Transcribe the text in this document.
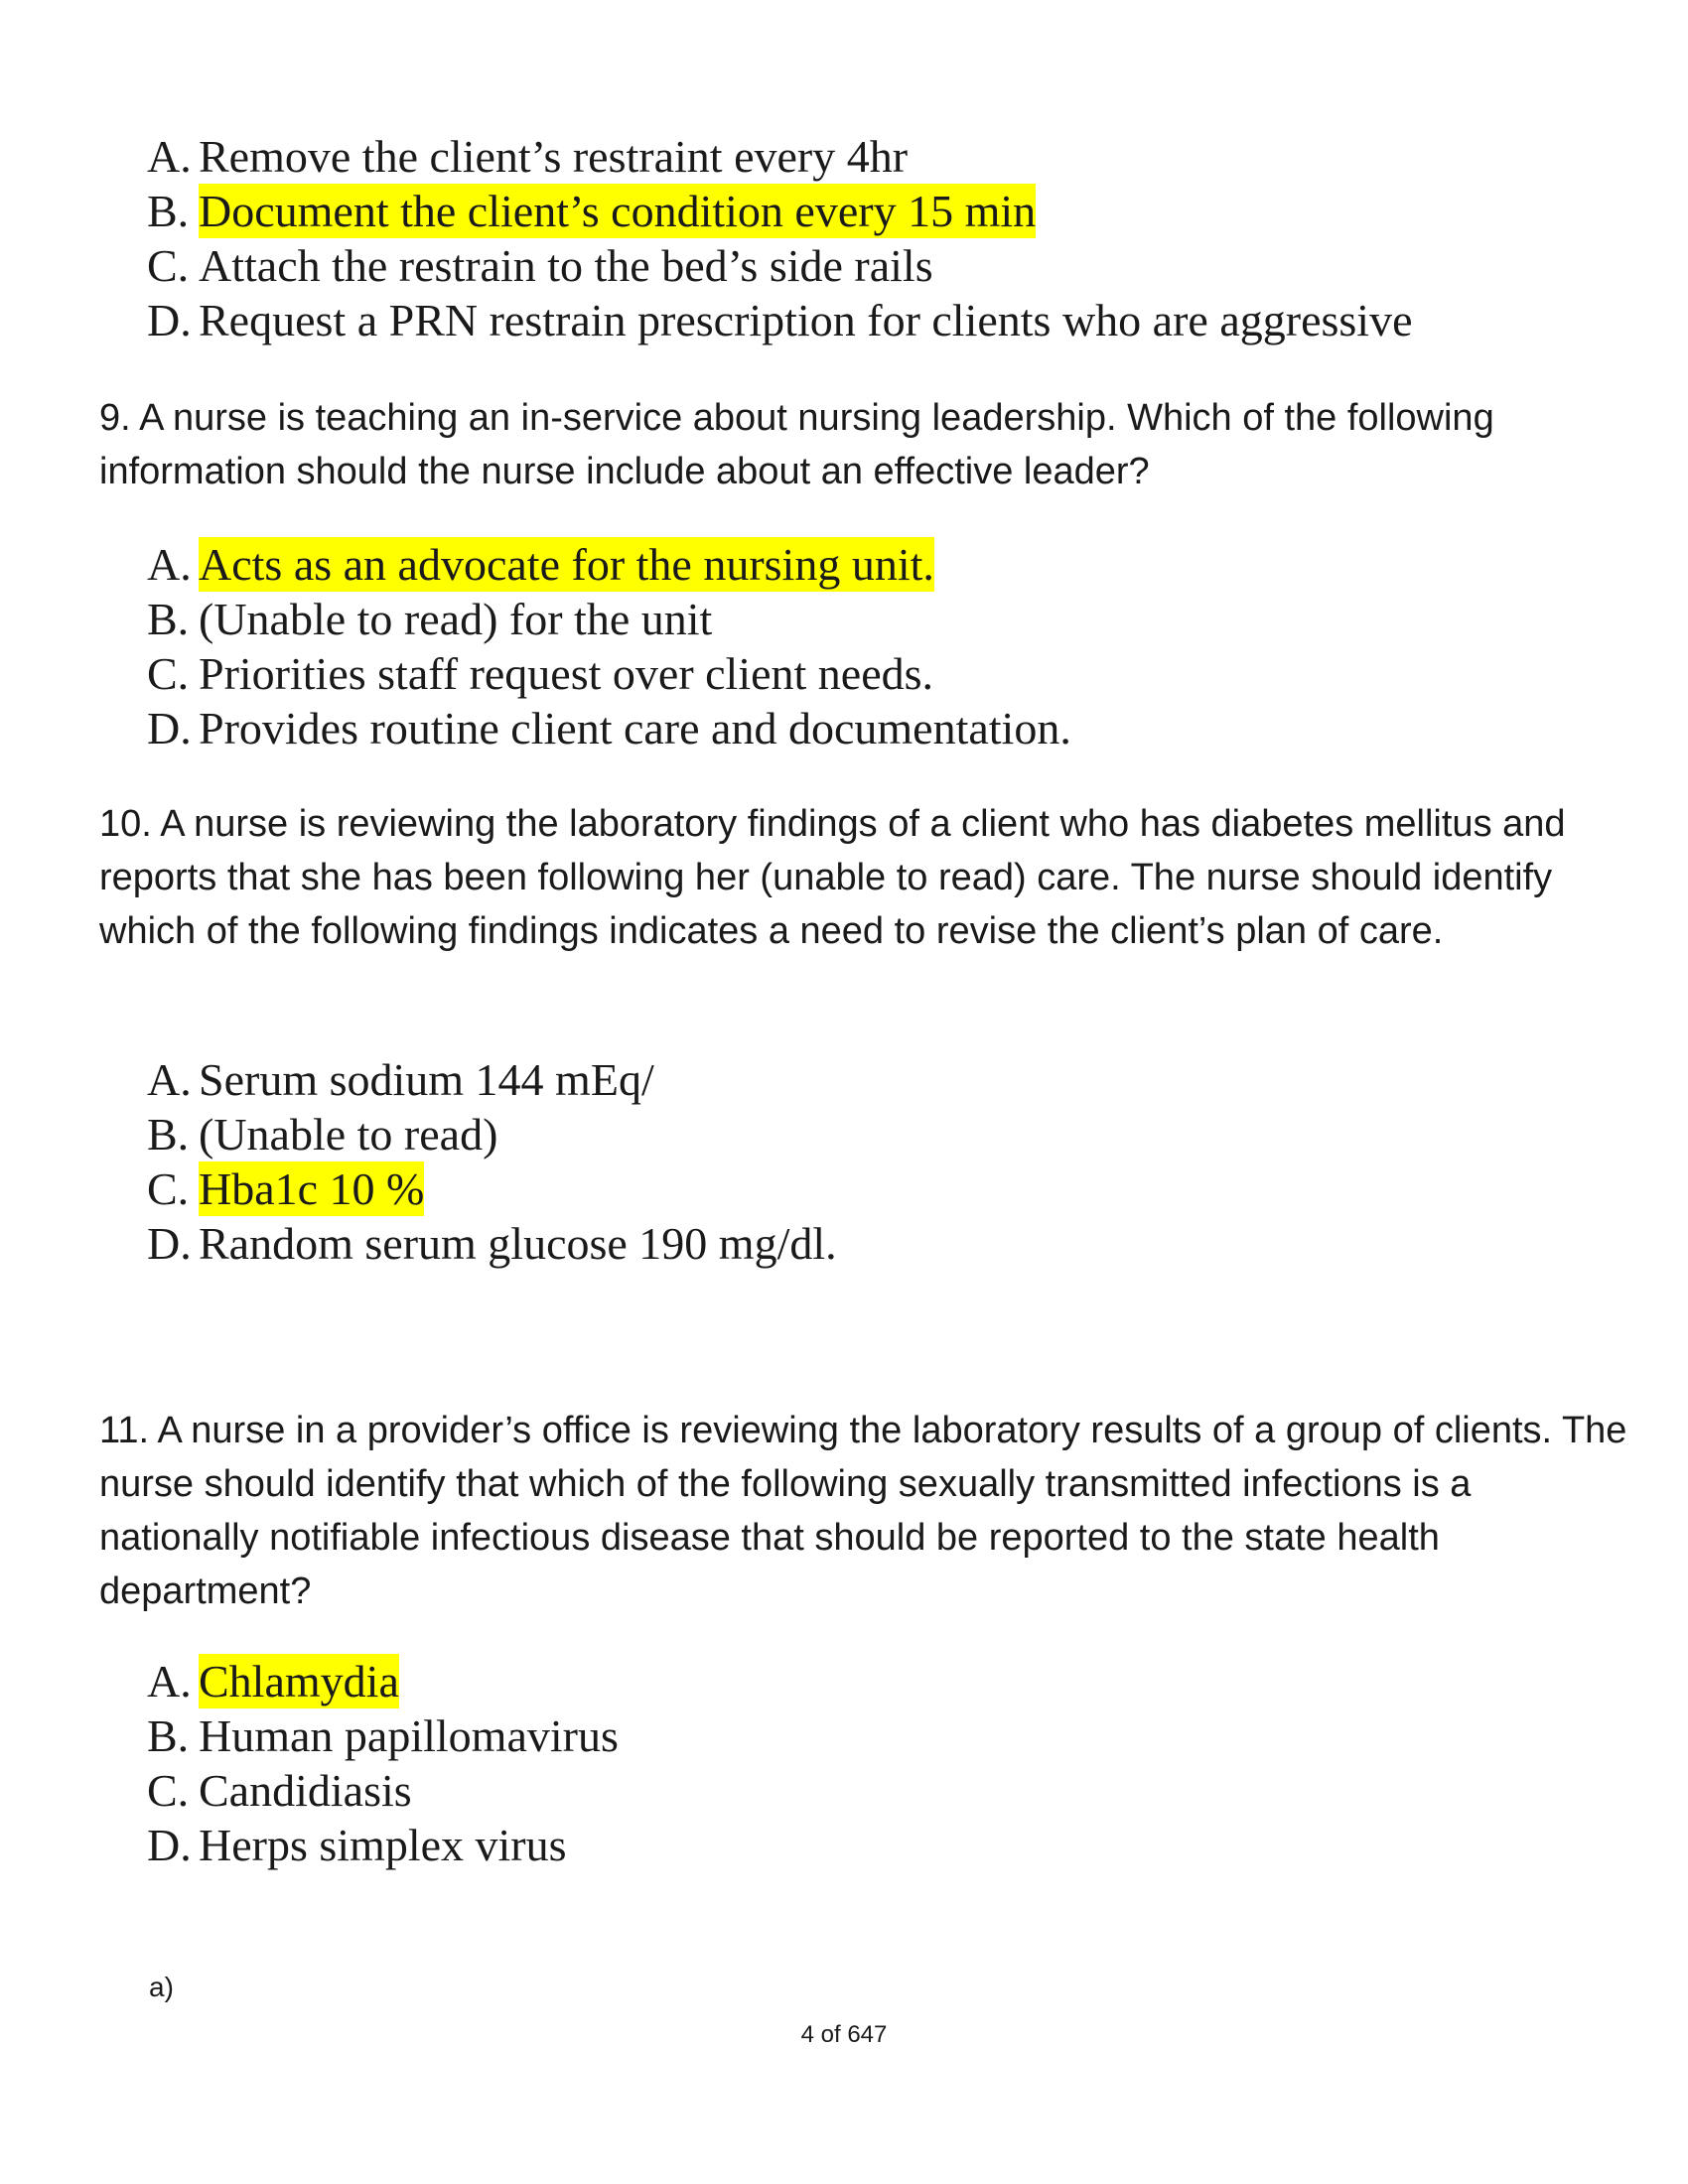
A. Remove the client’s restraint every 4hr
B. Document the client’s condition every 15 min
C. Attach the restrain to the bed’s side rails
D. Request a PRN restrain prescription for clients who are aggressive

9. A nurse is teaching an in-service about nursing leadership. Which of the following information should the nurse include about an effective leader?

A. Acts as an advocate for the nursing unit.
B. (Unable to read) for the unit
C. Priorities staff request over client needs.
D. Provides routine client care and documentation.

10. A nurse is reviewing the laboratory findings of a client who has diabetes mellitus and reports that she has been following her (unable to read) care. The nurse should identify which of the following findings indicates a need to revise the client’s plan of care.

A. Serum sodium 144 mEq/
B. (Unable to read)
C. Hba1c 10 %
D. Random serum glucose 190 mg/dl.

11. A nurse in a provider’s office is reviewing the laboratory results of a group of clients. The nurse should identify that which of the following sexually transmitted infections is a nationally notifiable infectious disease that should be reported to the state health department?

A. Chlamydia
B. Human papillomavirus
C. Candidiasis
D. Herps simplex virus
a)
4 of 647
